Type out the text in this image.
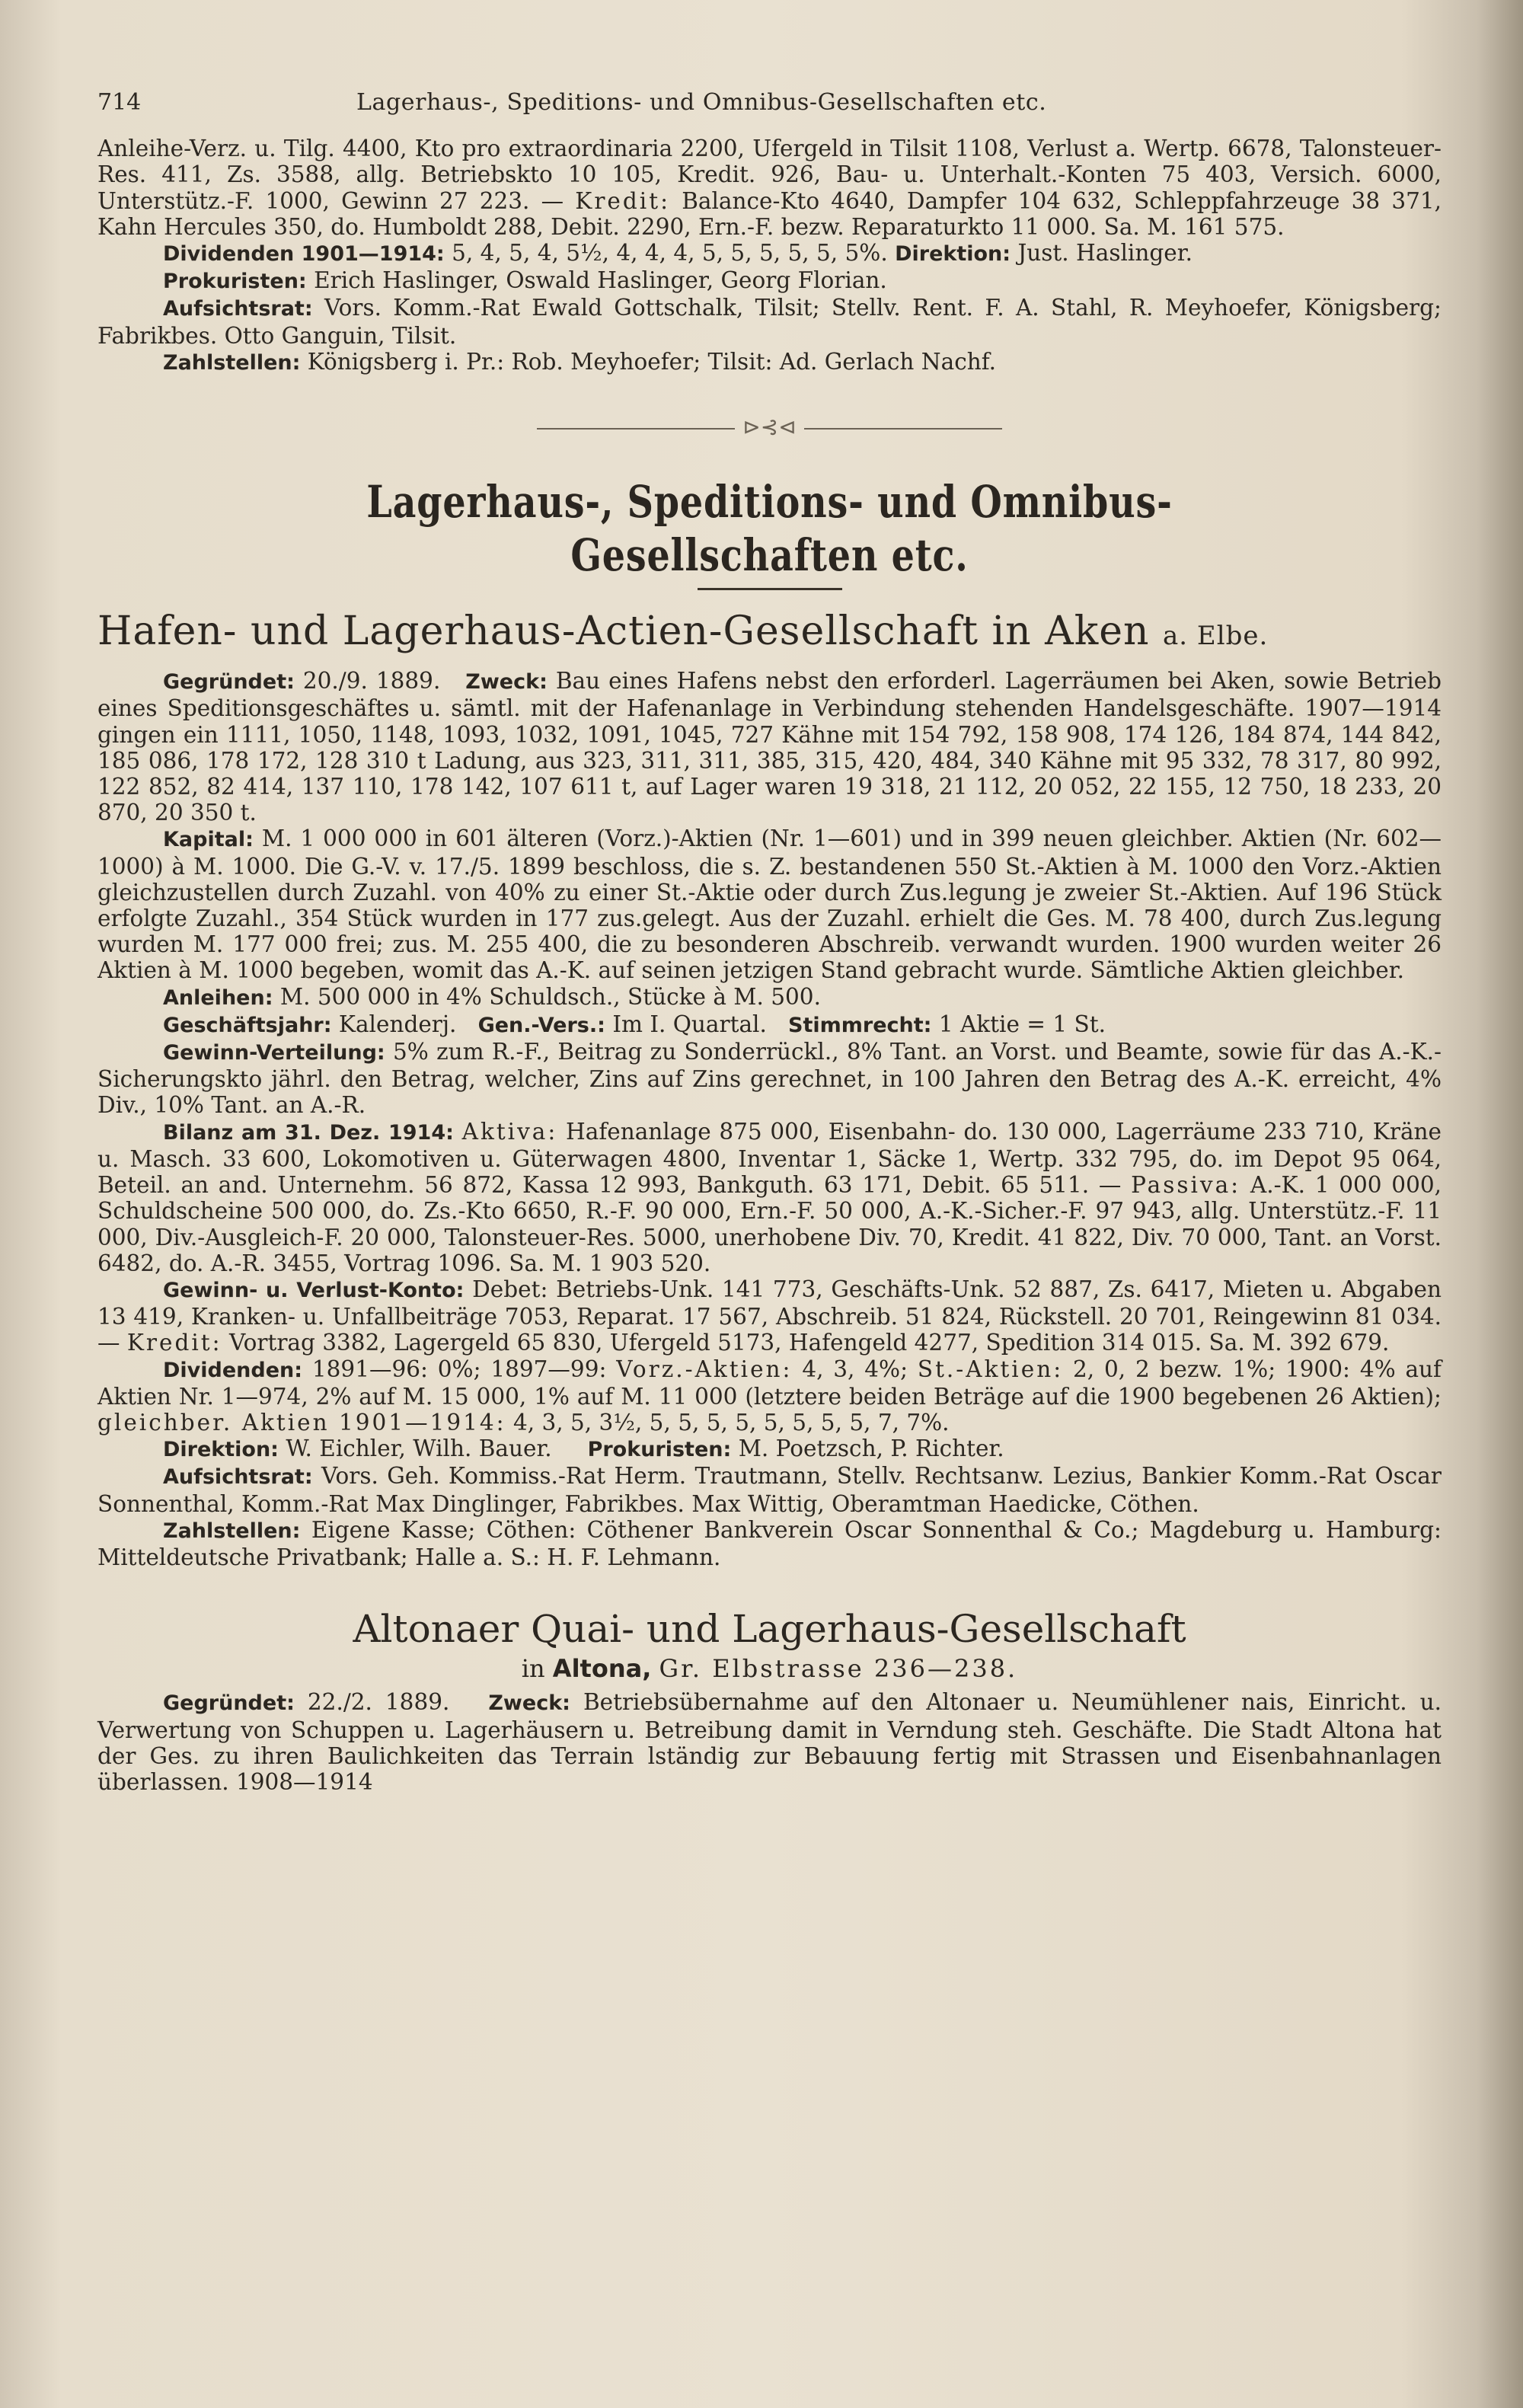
714	Lagerhaus-, Speditions- und Omnibus-Gesellschaften etc.

Anleihe-Verz. u. Tilg. 4400, Kto pro extraordinaria 2200, Ufergeld in Tilsit 1108, Verlust a. Wertp. 6678, Talonsteuer-Res. 411, Zs. 3588, allg. Betriebskto 10 105, Kredit. 926, Bau- u. Unterhalt.-Konten 75 403, Versich. 6000, Unterstütz.-F. 1000, Gewinn 27 223. — Kredit: Balance-Kto 4640, Dampfer 104 632, Schleppfahrzeuge 38 371, Kahn Hercules 350, do. Humboldt 288, Debit. 2290, Ern.-F. bezw. Reparaturkto 11 000. Sa. M. 161 575.

Dividenden 1901—1914: 5, 4, 5, 4, 5½, 4, 4, 4, 5, 5, 5, 5, 5, 5%. Direktion: Just. Haslinger.

Prokuristen: Erich Haslinger, Oswald Haslinger, Georg Florian.

Aufsichtsrat: Vors. Komm.-Rat Ewald Gottschalk, Tilsit; Stellv. Rent. F. A. Stahl, R. Meyhoefer, Königsberg; Fabrikbes. Otto Ganguin, Tilsit.

Zahlstellen: Königsberg i. Pr.: Rob. Meyhoefer; Tilsit: Ad. Gerlach Nachf.

⊳⊰⊲
Lagerhaus-, Speditions- und Omnibus-Gesellschaften etc.
Hafen- und Lagerhaus-Actien-Gesellschaft in Aken a. Elbe.

Gegründet: 20./9. 1889. Zweck: Bau eines Hafens nebst den erforderl. Lagerräumen bei Aken, sowie Betrieb eines Speditionsgeschäftes u. sämtl. mit der Hafenanlage in Verbindung stehenden Handelsgeschäfte. 1907—1914 gingen ein 1111, 1050, 1148, 1093, 1032, 1091, 1045, 727 Kähne mit 154 792, 158 908, 174 126, 184 874, 144 842, 185 086, 178 172, 128 310 t Ladung, aus 323, 311, 311, 385, 315, 420, 484, 340 Kähne mit 95 332, 78 317, 80 992, 122 852, 82 414, 137 110, 178 142, 107 611 t, auf Lager waren 19 318, 21 112, 20 052, 22 155, 12 750, 18 233, 20 870, 20 350 t.

Kapital: M. 1 000 000 in 601 älteren (Vorz.)-Aktien (Nr. 1—601) und in 399 neuen gleichber. Aktien (Nr. 602—1000) à M. 1000. Die G.-V. v. 17./5. 1899 beschloss, die s. Z. bestandenen 550 St.-Aktien à M. 1000 den Vorz.-Aktien gleichzustellen durch Zuzahl. von 40% zu einer St.-Aktie oder durch Zus.legung je zweier St.-Aktien. Auf 196 Stück erfolgte Zuzahl., 354 Stück wurden in 177 zus.gelegt. Aus der Zuzahl. erhielt die Ges. M. 78 400, durch Zus.legung wurden M. 177 000 frei; zus. M. 255 400, die zu besonderen Abschreib. verwandt wurden. 1900 wurden weiter 26 Aktien à M. 1000 begeben, womit das A.-K. auf seinen jetzigen Stand gebracht wurde. Sämtliche Aktien gleichber.

Anleihen: M. 500 000 in 4% Schuldsch., Stücke à M. 500.

Geschäftsjahr: Kalenderj. Gen.-Vers.: Im I. Quartal. Stimmrecht: 1 Aktie = 1 St.

Gewinn-Verteilung: 5% zum R.-F., Beitrag zu Sonderrückl., 8% Tant. an Vorst. und Beamte, sowie für das A.-K.-Sicherungskto jährl. den Betrag, welcher, Zins auf Zins gerechnet, in 100 Jahren den Betrag des A.-K. erreicht, 4% Div., 10% Tant. an A.-R.

Bilanz am 31. Dez. 1914: Aktiva: Hafenanlage 875 000, Eisenbahn- do. 130 000, Lagerräume 233 710, Kräne u. Masch. 33 600, Lokomotiven u. Güterwagen 4800, Inventar 1, Säcke 1, Wertp. 332 795, do. im Depot 95 064, Beteil. an and. Unternehm. 56 872, Kassa 12 993, Bankguth. 63 171, Debit. 65 511. — Passiva: A.-K. 1 000 000, Schuldscheine 500 000, do. Zs.-Kto 6650, R.-F. 90 000, Ern.-F. 50 000, A.-K.-Sicher.-F. 97 943, allg. Unterstütz.-F. 11 000, Div.-Ausgleich-F. 20 000, Talonsteuer-Res. 5000, unerhobene Div. 70, Kredit. 41 822, Div. 70 000, Tant. an Vorst. 6482, do. A.-R. 3455, Vortrag 1096. Sa. M. 1 903 520.

Gewinn- u. Verlust-Konto: Debet: Betriebs-Unk. 141 773, Geschäfts-Unk. 52 887, Zs. 6417, Mieten u. Abgaben 13 419, Kranken- u. Unfallbeiträge 7053, Reparat. 17 567, Abschreib. 51 824, Rückstell. 20 701, Reingewinn 81 034. — Kredit: Vortrag 3382, Lagergeld 65 830, Ufergeld 5173, Hafengeld 4277, Spedition 314 015. Sa. M. 392 679.

Dividenden: 1891—96: 0%; 1897—99: Vorz.-Aktien: 4, 3, 4%; St.-Aktien: 2, 0, 2 bezw. 1%; 1900: 4% auf Aktien Nr. 1—974, 2% auf M. 15 000, 1% auf M. 11 000 (letztere beiden Beträge auf die 1900 begebenen 26 Aktien); gleichber. Aktien 1901—1914: 4, 3, 5, 3½, 5, 5, 5, 5, 5, 5, 5, 5, 7, 7%.

Direktion: W. Eichler, Wilh. Bauer. Prokuristen: M. Poetzsch, P. Richter.

Aufsichtsrat: Vors. Geh. Kommiss.-Rat Herm. Trautmann, Stellv. Rechtsanw. Lezius, Bankier Komm.-Rat Oscar Sonnenthal, Komm.-Rat Max Dinglinger, Fabrikbes. Max Wittig, Oberamtman Haedicke, Cöthen.

Zahlstellen: Eigene Kasse; Cöthen: Cöthener Bankverein Oscar Sonnenthal & Co.; Magdeburg u. Hamburg: Mitteldeutsche Privatbank; Halle a. S.: H. F. Lehmann.

Altonaer Quai- und Lagerhaus-Gesellschaft
in Altona, Gr. Elbstrasse 236—238.

Gegründet: 22./2. 1889. Zweck: Betriebsübernahme auf den Altonaer u. Neumühlener nais, Einricht. u. Verwertung von Schuppen u. Lagerhäusern u. Betreibung damit in Verndung steh. Geschäfte. Die Stadt Altona hat der Ges. zu ihren Baulichkeiten das Terrain lständig zur Bebauung fertig mit Strassen und Eisenbahnanlagen überlassen. 1908—1914
